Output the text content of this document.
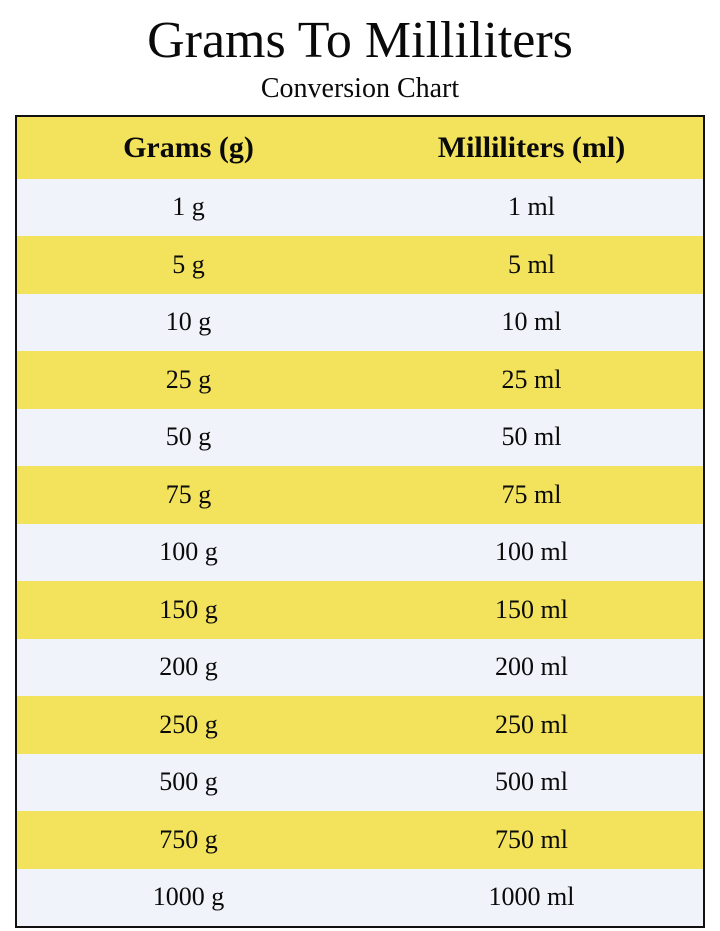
Grams To Milliliters
Conversion Chart
Grams (g)	Milliliters (ml)
1 g	1 ml
5 g	5 ml
10 g	10 ml
25 g	25 ml
50 g	50 ml
75 g	75 ml
100 g	100 ml
150 g	150 ml
200 g	200 ml
250 g	250 ml
500 g	500 ml
750 g	750 ml
1000 g	1000 ml
